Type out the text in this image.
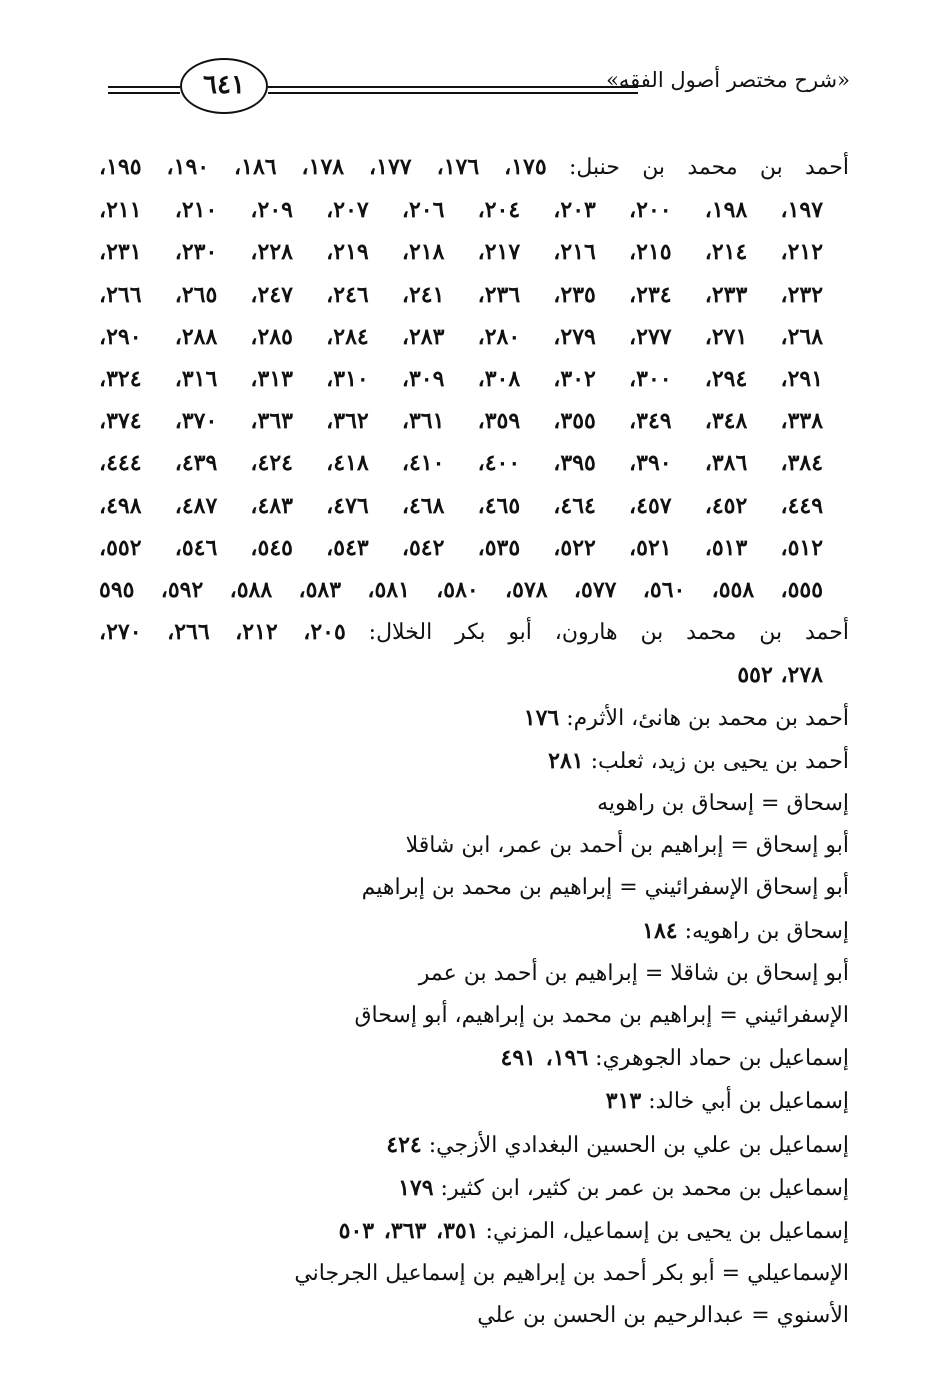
«شرح مختصر أصول الفقه»
٦٤١
أحمد بن محمد بن حنبل: ١٧٥، ١٧٦، ١٧٧، ١٧٨، ١٨٦، ١٩٠، ١٩٥،
١٩٧، ١٩٨، ٢٠٠، ٢٠٣، ٢٠٤، ٢٠٦، ٢٠٧، ٢٠٩، ٢١٠، ٢١١،
٢١٢، ٢١٤، ٢١٥، ٢١٦، ٢١٧، ٢١٨، ٢١٩، ٢٢٨، ٢٣٠، ٢٣١،
٢٣٢، ٢٣٣، ٢٣٤، ٢٣٥، ٢٣٦، ٢٤١، ٢٤٦، ٢٤٧، ٢٦٥، ٢٦٦،
٢٦٨، ٢٧١، ٢٧٧، ٢٧٩، ٢٨٠، ٢٨٣، ٢٨٤، ٢٨٥، ٢٨٨، ٢٩٠،
٢٩١، ٢٩٤، ٣٠٠، ٣٠٢، ٣٠٨، ٣٠٩، ٣١٠، ٣١٣، ٣١٦، ٣٢٤،
٣٣٨، ٣٤٨، ٣٤٩، ٣٥٥، ٣٥٩، ٣٦١، ٣٦٢، ٣٦٣، ٣٧٠، ٣٧٤،
٣٨٤، ٣٨٦، ٣٩٠، ٣٩٥، ٤٠٠، ٤١٠، ٤١٨، ٤٢٤، ٤٣٩، ٤٤٤،
٤٤٩، ٤٥٢، ٤٥٧، ٤٦٤، ٤٦٥، ٤٦٨، ٤٧٦، ٤٨٣، ٤٨٧، ٤٩٨،
٥١٢، ٥١٣، ٥٢١، ٥٢٢، ٥٣٥، ٥٤٢، ٥٤٣، ٥٤٥، ٥٤٦، ٥٥٢،
٥٥٥، ٥٥٨، ٥٦٠، ٥٧٧، ٥٧٨، ٥٨٠، ٥٨١، ٥٨٣، ٥٨٨، ٥٩٢، ٥٩٥
أحمد بن محمد بن هارون، أبو بكر الخلال: ٢٠٥، ٢١٢، ٢٦٦، ٢٧٠،
٢٧٨، ٥٥٢
أحمد بن محمد بن هانئ، الأثرم: ١٧٦
أحمد بن يحيى بن زيد، ثعلب: ٢٨١
إسحاق = إسحاق بن راهويه
أبو إسحاق = إبراهيم بن أحمد بن عمر، ابن شاقلا
أبو إسحاق الإسفرائيني = إبراهيم بن محمد بن إبراهيم
إسحاق بن راهويه: ١٨٤
أبو إسحاق بن شاقلا = إبراهيم بن أحمد بن عمر
الإسفرائيني = إبراهيم بن محمد بن إبراهيم، أبو إسحاق
إسماعيل بن حماد الجوهري: ١٩٦، ٤٩١
إسماعيل بن أبي خالد: ٣١٣
إسماعيل بن علي بن الحسين البغدادي الأزجي: ٤٢٤
إسماعيل بن محمد بن عمر بن كثير، ابن كثير: ١٧٩
إسماعيل بن يحيى بن إسماعيل، المزني: ٣٥١، ٣٦٣، ٥٠٣
الإسماعيلي = أبو بكر أحمد بن إبراهيم بن إسماعيل الجرجاني
الأسنوي = عبدالرحيم بن الحسن بن علي
